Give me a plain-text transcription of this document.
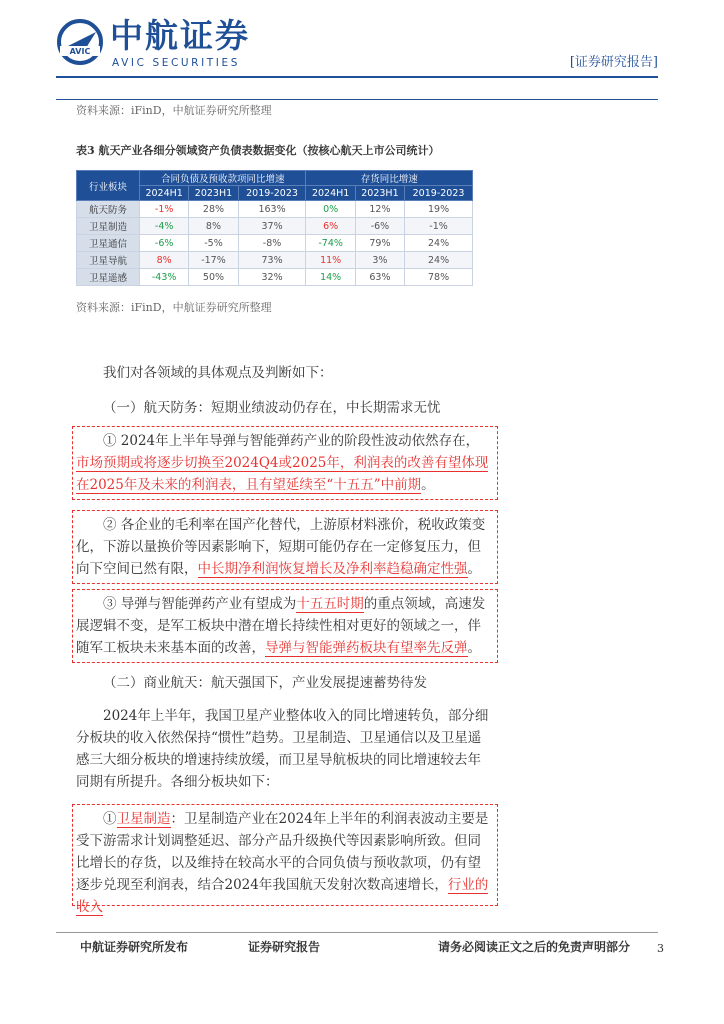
AVIC 中航证券
AVIC SECURITIES	[证券研究报告]
资料来源：iFinD，中航证券研究所整理
表3 航天产业各细分领域资产负债表数据变化（按核心航天上市公司统计）
行业板块	合同负债及预收款项同比增速			存货同比增速		
	2024H1	2023H1	2019-2023	2024H1	2023H1	2019-2023
航天防务	-1%	28%	163%	0%	12%	19%
卫星制造	-4%	8%	37%	6%	-6%	-1%
卫星通信	-6%	-5%	-8%	-74%	79%	24%
卫星导航	8%	-17%	73%	11%	3%	24%
卫星遥感	-43%	50%	32%	14%	63%	78%
资料来源：iFinD，中航证券研究所整理
我们对各领域的具体观点及判断如下：
（一）航天防务：短期业绩波动仍存在，中长期需求无忧
① 2024年上半年导弹与智能弹药产业的阶段性波动依然存在，市场预期或将逐步切换至2024Q4或2025年，利润表的改善有望体现在2025年及未来的利润表，且有望延续至“十五五”中前期。
② 各企业的毛利率在国产化替代，上游原材料涨价，税收政策变化，下游以量换价等因素影响下，短期可能仍存在一定修复压力，但向下空间已然有限，中长期净利润恢复增长及净利率趋稳确定性强。
③ 导弹与智能弹药产业有望成为十五五时期的重点领域，高速发展逻辑不变，是军工板块中潜在增长持续性相对更好的领域之一，伴随军工板块未来基本面的改善，导弹与智能弹药板块有望率先反弹。
（二）商业航天：航天强国下，产业发展提速蓄势待发
2024年上半年，我国卫星产业整体收入的同比增速转负，部分细分板块的收入依然保持“惯性”趋势。卫星制造、卫星通信以及卫星遥感三大细分板块的增速持续放缓，而卫星导航板块的同比增速较去年同期有所提升。各细分板块如下：
①卫星制造：卫星制造产业在2024年上半年的利润表波动主要是受下游需求计划调整延迟、部分产品升级换代等因素影响所致。但同比增长的存货，以及维持在较高水平的合同负债与预收款项，仍有望逐步兑现至利润表，结合2024年我国航天发射次数高速增长，行业的收入
中航证券研究所发布	证券研究报告	请务必阅读正文之后的免责声明部分 3
